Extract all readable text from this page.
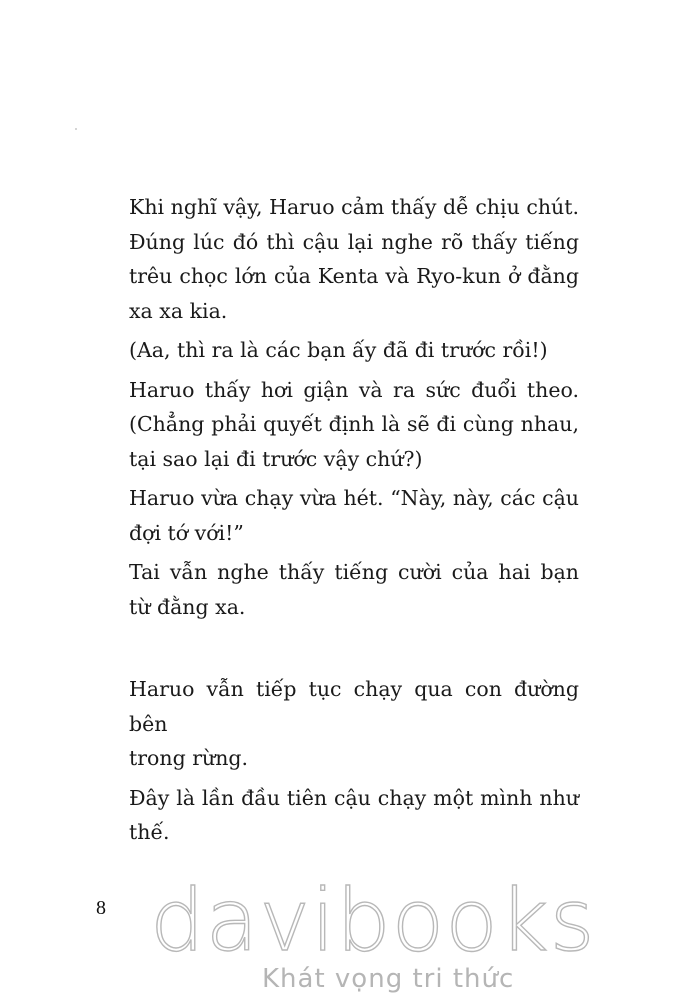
Khi nghĩ vậy, Haruo cảm thấy dễ chịu chút.
Đúng lúc đó thì cậu lại nghe rõ thấy tiếng
trêu chọc lớn của Kenta và Ryo-kun ở đằng
xa xa kia.

(Aa, thì ra là các bạn ấy đã đi trước rồi!)

Haruo thấy hơi giận và ra sức đuổi theo.
(Chẳng phải quyết định là sẽ đi cùng nhau,
tại sao lại đi trước vậy chứ?)

Haruo vừa chạy vừa hét. “Này, này, các cậu
đợi tớ với!”

Tai vẫn nghe thấy tiếng cười của hai bạn
từ đằng xa.

Haruo vẫn tiếp tục chạy qua con đường bên
trong rừng.

Đây là lần đầu tiên cậu chạy một mình như thế.

8 davibooks
Khát vọng tri thức
